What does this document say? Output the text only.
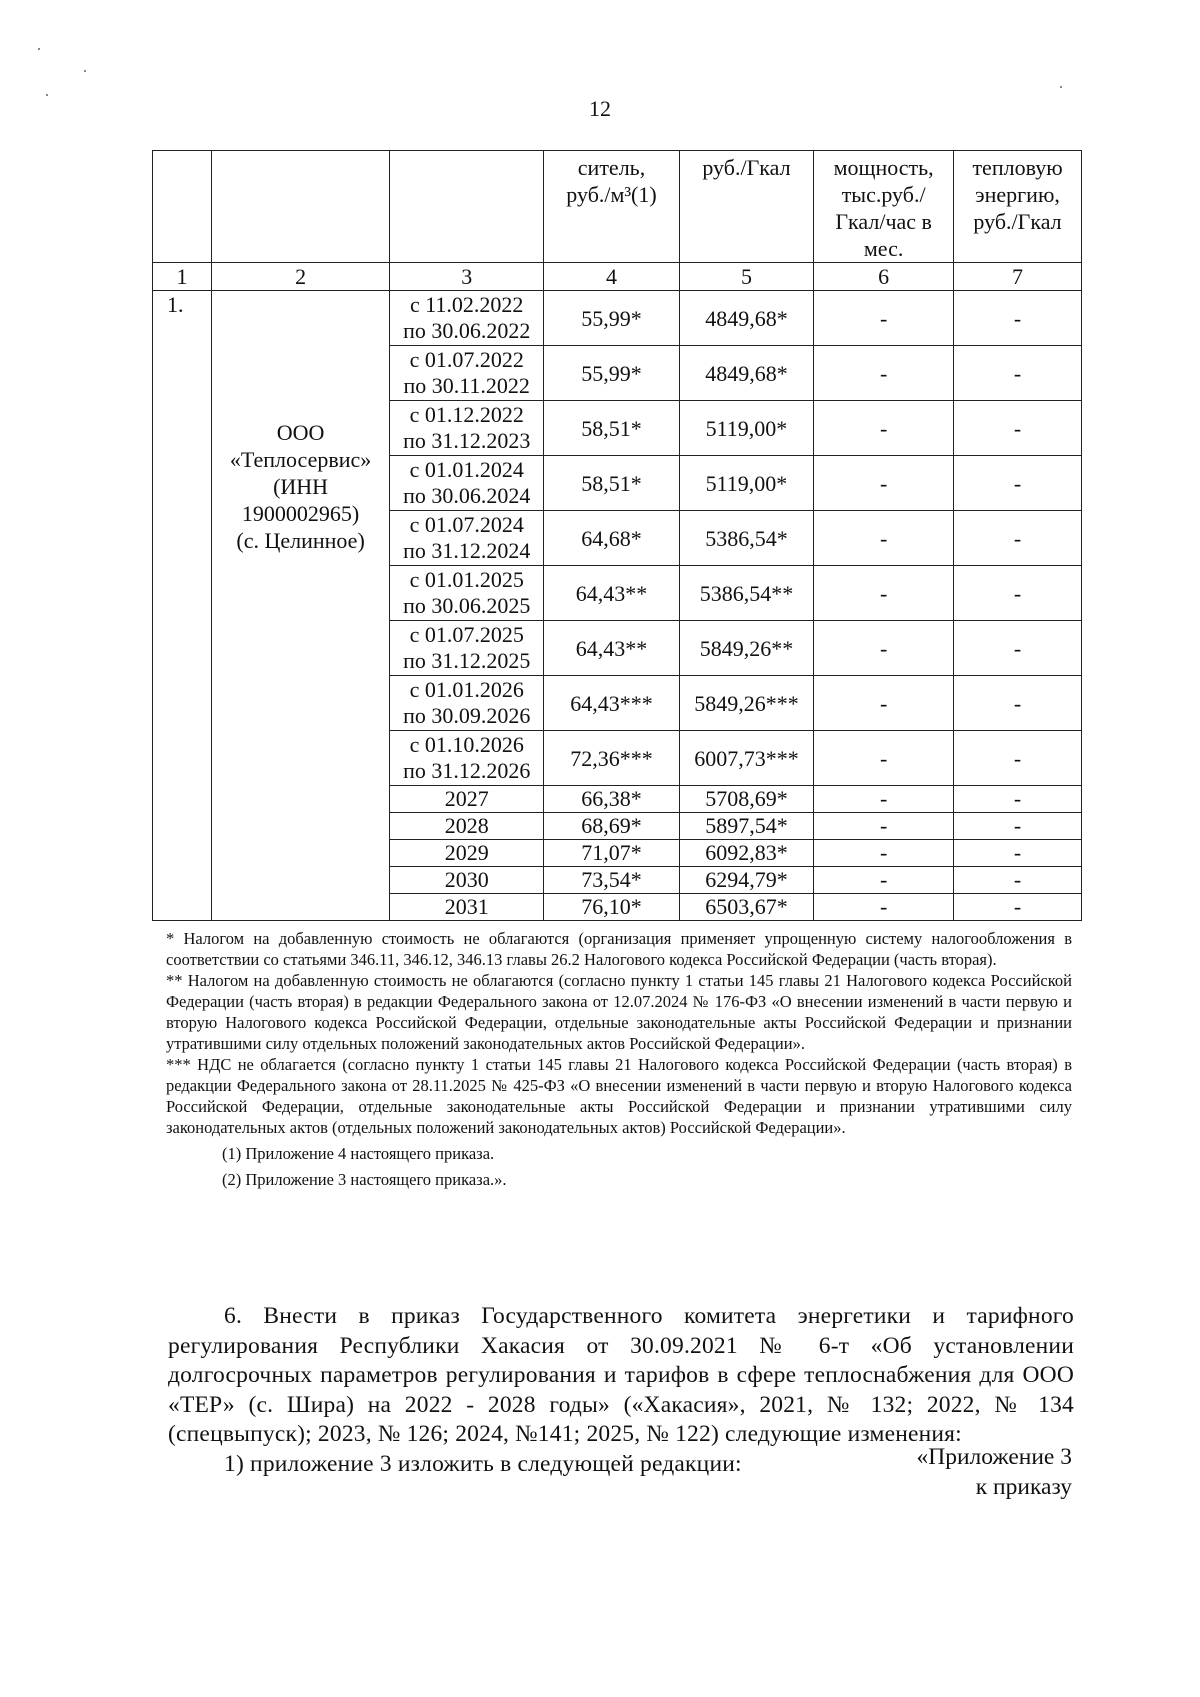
12
			ситель,
руб./м³(1)	руб./Гкал	мощность,
тыс.руб./
Гкал/час в
мес.	тепловую
энергию,
руб./Гкал
1	2	3	4	5	6	7
1.	ООО
«Теплосервис»
(ИНН
1900002965)
(с. Целинное)	с 11.02.2022
по 30.06.2022	55,99*	4849,68*	-	-
		с 01.07.2022
по 30.11.2022	55,99*	4849,68*	-	-
		с 01.12.2022
по 31.12.2023	58,51*	5119,00*	-	-
		с 01.01.2024
по 30.06.2024	58,51*	5119,00*	-	-
		с 01.07.2024
по 31.12.2024	64,68*	5386,54*	-	-
		с 01.01.2025
по 30.06.2025	64,43**	5386,54**	-	-
		с 01.07.2025
по 31.12.2025	64,43**	5849,26**	-	-
		с 01.01.2026
по 30.09.2026	64,43***	5849,26***	-	-
		с 01.10.2026
по 31.12.2026	72,36***	6007,73***	-	-
		2027	66,38*	5708,69*	-	-
		2028	68,69*	5897,54*	-	-
		2029	71,07*	6092,83*	-	-
		2030	73,54*	6294,79*	-	-
		2031	76,10*	6503,67*	-	-

* Налогом на добавленную стоимость не облагаются (организация применяет упрощенную систему налогообложения в соответствии со статьями 346.11, 346.12, 346.13 главы 26.2 Налогового кодекса Российской Федерации (часть вторая).

** Налогом на добавленную стоимость не облагаются (согласно пункту 1 статьи 145 главы 21 Налогового кодекса Российской Федерации (часть вторая) в редакции Федерального закона от 12.07.2024 № 176-ФЗ «О внесении изменений в части первую и вторую Налогового кодекса Российской Федерации, отдельные законодательные акты Российской Федерации и признании утратившими силу отдельных положений законодательных актов Российской Федерации».

*** НДС не облагается (согласно пункту 1 статьи 145 главы 21 Налогового кодекса Российской Федерации (часть вторая) в редакции Федерального закона от 28.11.2025 № 425-ФЗ «О внесении изменений в части первую и вторую Налогового кодекса Российской Федерации, отдельные законодательные акты Российской Федерации и признании утратившими силу законодательных актов (отдельных положений законодательных актов) Российской Федерации».

(1) Приложение 4 настоящего приказа.

(2) Приложение 3 настоящего приказа.».

6. Внести в приказ Государственного комитета энергетики и тарифного регулирования Республики Хакасия от 30.09.2021 № 6-т «Об установлении долгосрочных параметров регулирования и тарифов в сфере теплоснабжения для ООО «ТЕР» (с. Шира) на 2022 - 2028 годы» («Хакасия», 2021, № 132; 2022, № 134 (спецвыпуск); 2023, № 126; 2024, №141; 2025, № 122) следующие изменения:

1) приложение 3 изложить в следующей редакции:	«Приложение 3
к приказу
